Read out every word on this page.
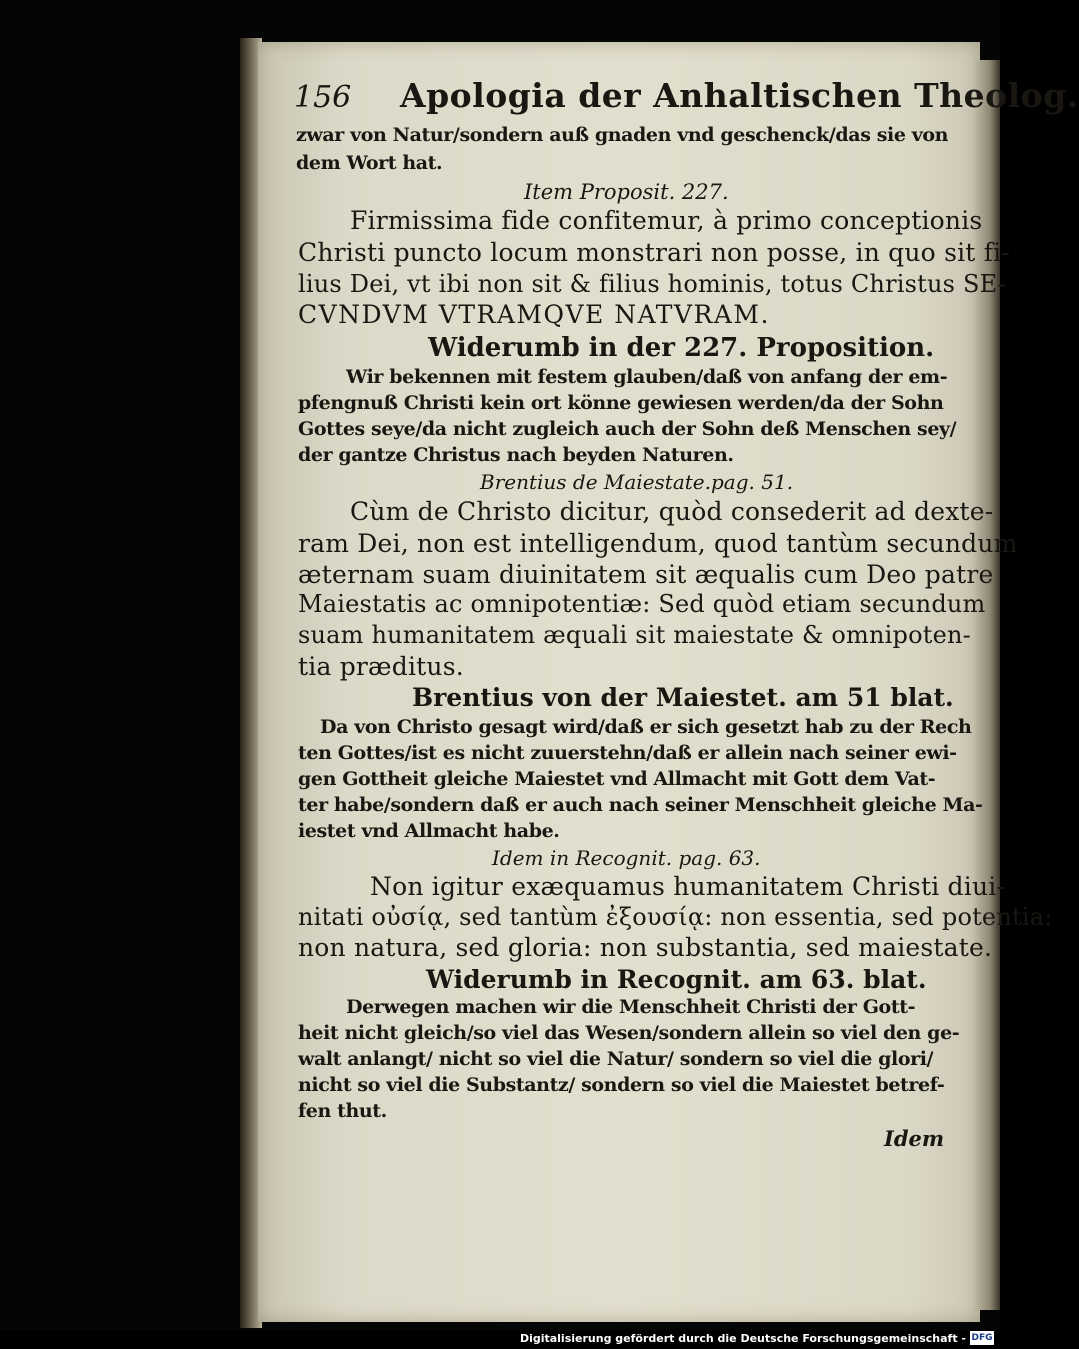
156 Apologia der Anhaltischen Theolog.
zwar von Natur/sondern auß gnaden vnd geschenck/das sie von
dem Wort hat.
Item Proposit. 227.
Firmissima fide confitemur, à primo conceptionis
Christi puncto locum monstrari non posse, in quo sit fi-
lius Dei, vt ibi non sit & filius hominis, totus Christus SE-
CVNDVM VTRAMQVE NATVRAM.
Widerumb in der 227. Proposition.
Wir bekennen mit festem glauben/daß von anfang der em-
pfengnuß Christi kein ort könne gewiesen werden/da der Sohn
Gottes seye/da nicht zugleich auch der Sohn deß Menschen sey/
der gantze Christus nach beyden Naturen.
Brentius de Maiestate.pag. 51.
Cùm de Christo dicitur, quòd consederit ad dexte-
ram Dei, non est intelligendum, quod tantùm secundum
æternam suam diuinitatem sit æqualis cum Deo patre
Maiestatis ac omnipotentiæ: Sed quòd etiam secundum
suam humanitatem æquali sit maiestate & omnipoten-
tia præditus.
Brentius von der Maiestet. am 51 blat.
Da von Christo gesagt wird/daß er sich gesetzt hab zu der Rech
ten Gottes/ist es nicht zuuerstehn/daß er allein nach seiner ewi-
gen Gottheit gleiche Maiestet vnd Allmacht mit Gott dem Vat-
ter habe/sondern daß er auch nach seiner Menschheit gleiche Ma-
iestet vnd Allmacht habe.
Idem in Recognit. pag. 63.
Non igitur exæquamus humanitatem Christi diui-
nitati οὐσίᾳ, sed tantùm ἐξουσίᾳ: non essentia, sed potentia:
non natura, sed gloria: non substantia, sed maiestate.
Widerumb in Recognit. am 63. blat.
Derwegen machen wir die Menschheit Christi der Gott-
heit nicht gleich/so viel das Wesen/sondern allein so viel den ge-
walt anlangt/ nicht so viel die Natur/ sondern so viel die glori/
nicht so viel die Substantz/ sondern so viel die Maiestet betref-
fen thut.
Idem
Digitalisierung gefördert durch die Deutsche Forschungsgemeinschaft - DFG
